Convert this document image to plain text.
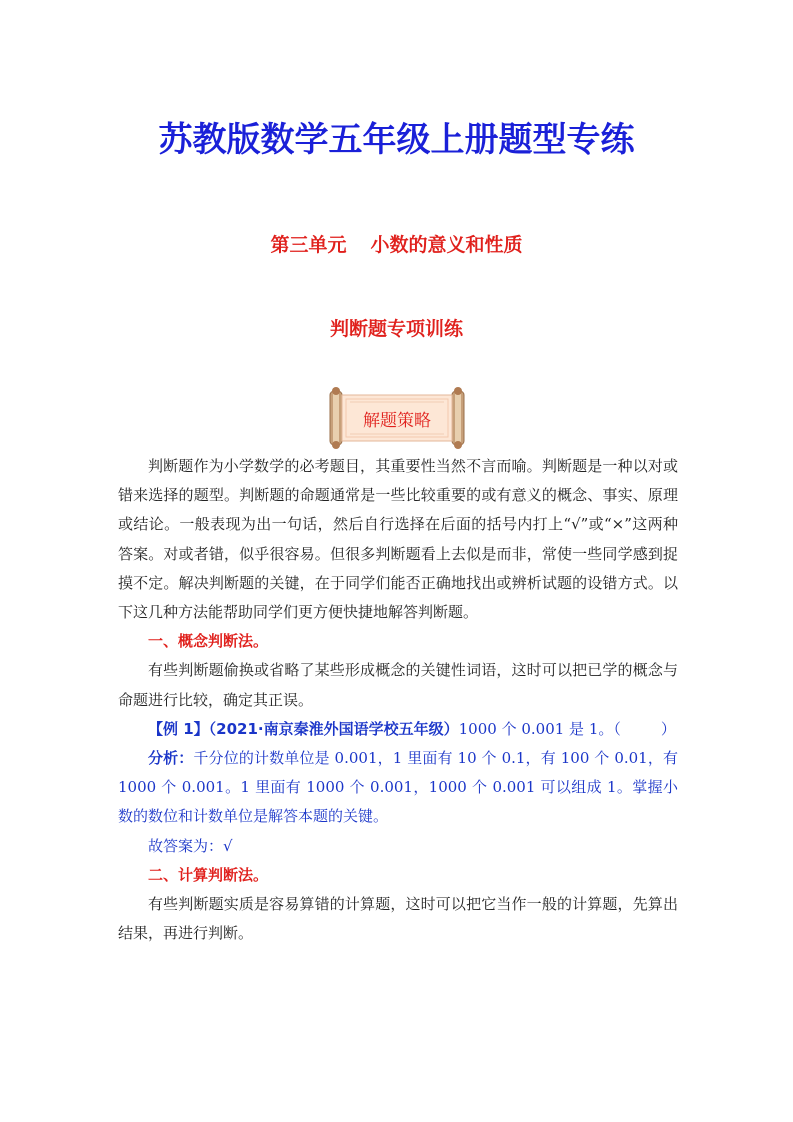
苏教版数学五年级上册题型专练
第三单元 小数的意义和性质
判断题专项训练
解题策略

判断题作为小学数学的必考题目，其重要性当然不言而喻。判断题是一种以对或错来选择的题型。判断题的命题通常是一些比较重要的或有意义的概念、事实、原理或结论。一般表现为出一句话，然后自行选择在后面的括号内打上“√”或“×”这两种答案。对或者错，似乎很容易。但很多判断题看上去似是而非，常使一些同学感到捉摸不定。解决判断题的关键，在于同学们能否正确地找出或辨析试题的设错方式。以下这几种方法能帮助同学们更方便快捷地解答判断题。

一、概念判断法。

有些判断题偷换或省略了某些形成概念的关键性词语，这时可以把已学的概念与命题进行比较，确定其正误。

【例 1】（2021·南京秦淮外国语学校五年级）1000 个 0.001 是 1。（	）

分析：千分位的计数单位是 0.001，1 里面有 10 个 0.1，有 100 个 0.01，有 1000 个 0.001。1 里面有 1000 个 0.001，1000 个 0.001 可以组成 1。掌握小数的数位和计数单位是解答本题的关键。

故答案为：√

二、计算判断法。

有些判断题实质是容易算错的计算题，这时可以把它当作一般的计算题，先算出结果，再进行判断。
